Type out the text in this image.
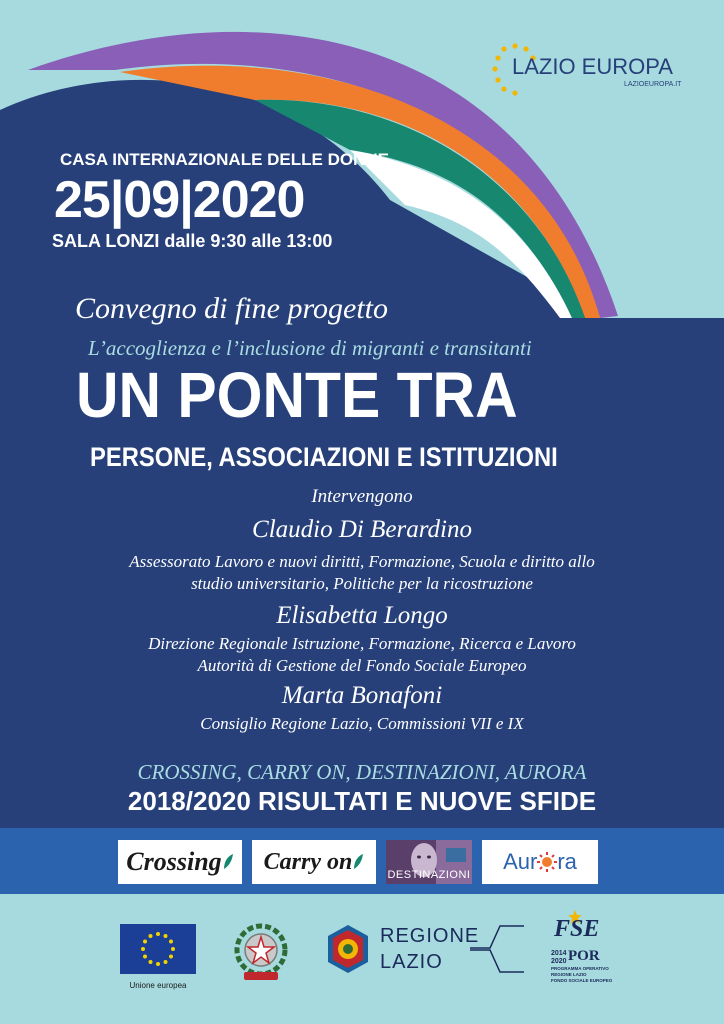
LAZIO EUROPA
LAZIOEUROPA.IT
CASA INTERNAZIONALE DELLE DONNE
25|09|2020
SALA LONZI dalle 9:30 alle 13:00
Convegno di fine progetto
L’accoglienza e l’inclusione di migranti e transitanti
UN PONTE TRA
PERSONE, ASSOCIAZIONI E ISTITUZIONI
Intervengono
Claudio Di Berardino
Assessorato Lavoro e nuovi diritti, Formazione, Scuola e diritto allo
studio universitario, Politiche per la ricostruzione
Elisabetta Longo
Direzione Regionale Istruzione, Formazione, Ricerca e Lavoro
Autorità di Gestione del Fondo Sociale Europeo
Marta Bonafoni
Consiglio Regione Lazio, Commissioni VII e IX
CROSSING, CARRY ON, DESTINAZIONI, AURORA
2018/2020 RISULTATI E NUOVE SFIDE
Crossing Carry on
DESTINAZIONI
Aur ra
Unione europea
REGIONE
LAZIO
FSE
2014
2020 POR
PROGRAMMA OPERATIVO
REGIONE LAZIO
FONDO SOCIALE EUROPEO
